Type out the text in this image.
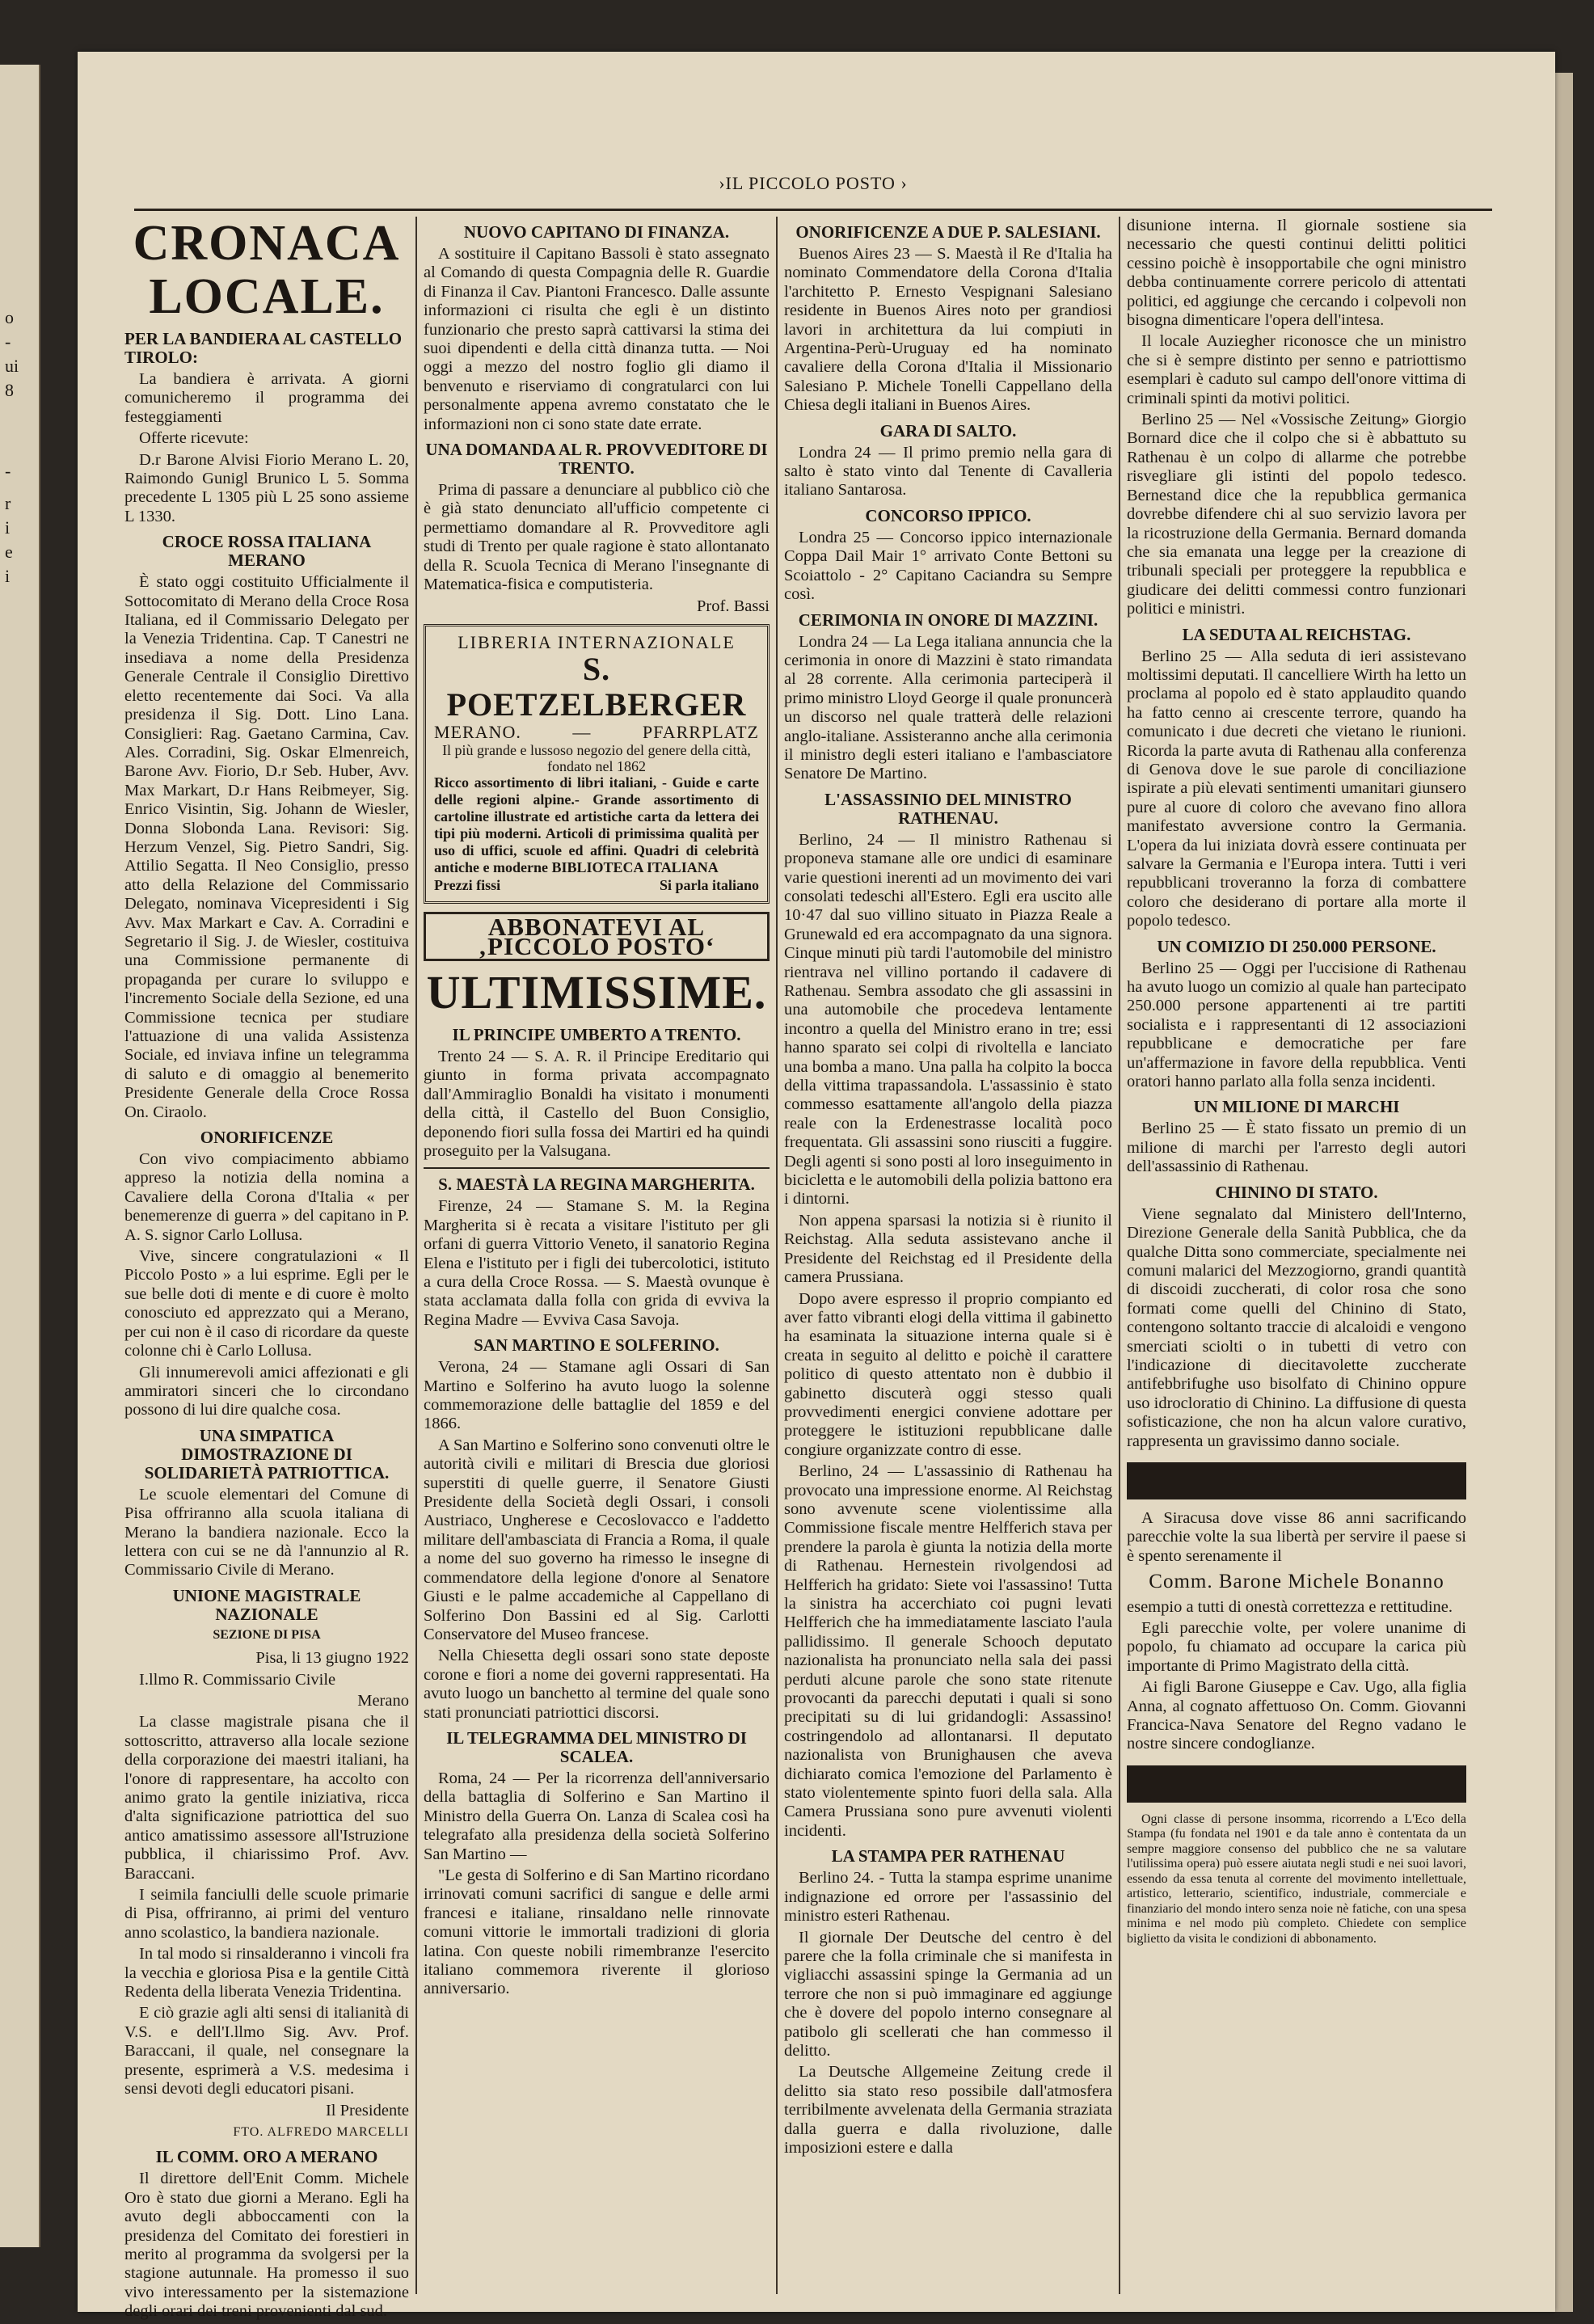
o
-
ui
8
-
r
i
e
i
›IL PICCOLO POSTO ›
CRONACA LOCALE.
PER LA BANDIERA AL CASTELLO TIROLO:

La bandiera è arrivata. A giorni comunicheremo il programma dei festeggiamenti

Offerte ricevute:

D.r Barone Alvisi Fiorio Merano L. 20, Raimondo Gunigl Brunico L 5. Somma precedente L 1305 più L 25 sono assieme L 1330.

CROCE ROSSA ITALIANA MERANO

È stato oggi costituito Ufficialmente il Sottocomitato di Merano della Croce Rosa Italiana, ed il Commissario Delegato per la Venezia Tridentina. Cap. T Canestri ne insediava a nome della Presidenza Generale Centrale il Consiglio Direttivo eletto recentemente dai Soci. Va alla presidenza il Sig. Dott. Lino Lana. Consiglieri: Rag. Gaetano Carmina, Cav. Ales. Corradini, Sig. Oskar Elmenreich, Barone Avv. Fiorio, D.r Seb. Huber, Avv. Max Markart, D.r Hans Reibmeyer, Sig. Enrico Visintin, Sig. Johann de Wiesler, Donna Slobonda Lana. Revisori: Sig. Herzum Venzel, Sig. Pietro Sandri, Sig. Attilio Segatta. Il Neo Consiglio, presso atto della Relazione del Commissario Delegato, nominava Vicepresidenti i Sig Avv. Max Markart e Cav. A. Corradini e Segretario il Sig. J. de Wiesler, costituiva una Commissione permanente di propaganda per curare lo sviluppo e l'incremento Sociale della Sezione, ed una Commissione tecnica per studiare l'attuazione di una valida Assistenza Sociale, ed inviava infine un telegramma di saluto e di omaggio al benemerito Presidente Generale della Croce Rossa On. Ciraolo.

ONORIFICENZE

Con vivo compiacimento abbiamo appreso la notizia della nomina a Cavaliere della Corona d'Italia « per benemerenze di guerra » del capitano in P. A. S. signor Carlo Lollusa.

Vive, sincere congratulazioni « Il Piccolo Posto » a lui esprime. Egli per le sue belle doti di mente e di cuore è molto conosciuto ed apprezzato qui a Merano, per cui non è il caso di ricordare da queste colonne chi è Carlo Lollusa.

Gli innumerevoli amici affezionati e gli ammiratori sinceri che lo circondano possono di lui dire qualche cosa.

UNA SIMPATICA DIMOSTRAZIONE DI SOLIDARIETÀ PATRIOTTICA.

Le scuole elementari del Comune di Pisa offriranno alla scuola italiana di Merano la bandiera nazionale. Ecco la lettera con cui se ne dà l'annunzio al R. Commissario Civile di Merano.

UNIONE MAGISTRALE NAZIONALE
SEZIONE DI PISA

Pisa, li 13 giugno 1922

I.llmo R. Commissario Civile

Merano

La classe magistrale pisana che il sottoscritto, attraverso alla locale sezione della corporazione dei maestri italiani, ha l'onore di rappresentare, ha accolto con animo grato la gentile iniziativa, ricca d'alta significazione patriottica del suo antico amatissimo assessore all'Istruzione pubblica, il chiarissimo Prof. Avv. Baraccani.

I seimila fanciulli delle scuole primarie di Pisa, offriranno, ai primi del venturo anno scolastico, la bandiera nazionale.

In tal modo si rinsalderanno i vincoli fra la vecchia e gloriosa Pisa e la gentile Città Redenta della liberata Venezia Tridentina.

E ciò grazie agli alti sensi di italianità di V.S. e dell'I.llmo Sig. Avv. Prof. Baraccani, il quale, nel consegnare la presente, esprimerà a V.S. medesima i sensi devoti degli educatori pisani.

Il Presidente

FTO. ALFREDO MARCELLI
IL COMM. ORO A MERANO

Il direttore dell'Enit Comm. Michele Oro è stato due giorni a Merano. Egli ha avuto degli abboccamenti con la presidenza del Comitato dei forestieri in merito al programma da svolgersi per la stagione autunnale. Ha promesso il suo vivo interessamento per la sistemazione degli orari dei treni provenienti dal sud.

NUOVO CAPITANO DI FINANZA.

A sostituire il Capitano Bassoli è stato assegnato al Comando di questa Compagnia delle R. Guardie di Finanza il Cav. Piantoni Francesco. Dalle assunte informazioni ci risulta che egli è un distinto funzionario che presto saprà cattivarsi la stima dei suoi dipendenti e della città dinanza tutta. — Noi oggi a mezzo del nostro foglio gli diamo il benvenuto e riserviamo di congratularci con lui personalmente appena avremo constatato che le informazioni non ci sono state date errate.

UNA DOMANDA AL R. PROVVEDITORE DI TRENTO.

Prima di passare a denunciare al pubblico ciò che è già stato denunciato all'ufficio competente ci permettiamo domandare al R. Provveditore agli studi di Trento per quale ragione è stato allontanato della R. Scuola Tecnica di Merano l'insegnante di Matematica-fisica e computisteria.

Prof. Bassi

LIBRERIA INTERNAZIONALE
S. POETZELBERGER
MERANO.	—	PFARRPLATZ
Il più grande e lussoso negozio del genere della città, fondato nel 1862
Ricco assortimento di libri italiani, - Guide e carte delle regioni alpine.- Grande assortimento di cartoline illustrate ed artistiche carta da lettera dei tipi più moderni. Articoli di primissima qualità per uso di uffici, scuole ed affini. Quadri di celebrità antiche e moderne BIBLIOTECA ITALIANA
Prezzi fissi	Si parla italiano
ABBONATEVI AL ‚PICCOLO POSTO‘
ULTIMISSIME.
IL PRINCIPE UMBERTO A TRENTO.

Trento 24 — S. A. R. il Principe Ereditario qui giunto in forma privata accompagnato dall'Ammiraglio Bonaldi ha visitato i monumenti della città, il Castello del Buon Consiglio, deponendo fiori sulla fossa dei Martiri ed ha quindi proseguito per la Valsugana.

S. MAESTÀ LA REGINA MARGHERITA.

Firenze, 24 — Stamane S. M. la Regina Margherita si è recata a visitare l'istituto per gli orfani di guerra Vittorio Veneto, il sanatorio Regina Elena e l'istituto per i figli dei tubercolotici, istituto a cura della Croce Rossa. — S. Maestà ovunque è stata acclamata dalla folla con grida di evviva la Regina Madre — Evviva Casa Savoja.

SAN MARTINO E SOLFERINO.

Verona, 24 — Stamane agli Ossari di San Martino e Solferino ha avuto luogo la solenne commemorazione delle battaglie del 1859 e del 1866.

A San Martino e Solferino sono convenuti oltre le autorità civili e militari di Brescia due gloriosi superstiti di quelle guerre, il Senatore Giusti Presidente della Società degli Ossari, i consoli Austriaco, Ungherese e Cecoslovacco e l'addetto militare dell'ambasciata di Francia a Roma, il quale a nome del suo governo ha rimesso le insegne di commendatore della legione d'onore al Senatore Giusti e le palme accademiche al Cappellano di Solferino Don Bassini ed al Sig. Carlotti Conservatore del Museo francese.

Nella Chiesetta degli ossari sono state deposte corone e fiori a nome dei governi rappresentati. Ha avuto luogo un banchetto al termine del quale sono stati pronunciati patriottici discorsi.

IL TELEGRAMMA DEL MINISTRO DI SCALEA.

Roma, 24 — Per la ricorrenza dell'anniversario della battaglia di Solferino e San Martino il Ministro della Guerra On. Lanza di Scalea così ha telegrafato alla presidenza della società Solferino San Martino —

"Le gesta di Solferino e di San Martino ricordano irrinovati comuni sacrifici di sangue e delle armi francesi e italiane, rinsaldano nelle rinnovate comuni vittorie le immortali tradizioni di gloria latina. Con queste nobili rimembranze l'esercito italiano commemora riverente il glorioso anniversario.

ONORIFICENZE A DUE P. SALESIANI.

Buenos Aires 23 — S. Maestà il Re d'Italia ha nominato Commendatore della Corona d'Italia l'architetto P. Ernesto Vespignani Salesiano residente in Buenos Aires noto per grandiosi lavori in architettura da lui compiuti in Argentina-Perù-Uruguay ed ha nominato cavaliere della Corona d'Italia il Missionario Salesiano P. Michele Tonelli Cappellano della Chiesa degli italiani in Buenos Aires.

GARA DI SALTO.

Londra 24 — Il primo premio nella gara di salto è stato vinto dal Tenente di Cavalleria italiano Santarosa.

CONCORSO IPPICO.

Londra 25 — Concorso ippico internazionale Coppa Dail Mair 1° arrivato Conte Bettoni su Scoiattolo - 2° Capitano Caciandra su Sempre così.

CERIMONIA IN ONORE DI MAZZINI.

Londra 24 — La Lega italiana annuncia che la cerimonia in onore di Mazzini è stato rimandata al 28 corrente. Alla cerimonia parteciperà il primo ministro Lloyd George il quale pronuncerà un discorso nel quale tratterà delle relazioni anglo-italiane. Assisteranno anche alla cerimonia il ministro degli esteri italiano e l'ambasciatore Senatore De Martino.

L'ASSASSINIO DEL MINISTRO RATHENAU.

Berlino, 24 — Il ministro Rathenau si proponeva stamane alle ore undici di esaminare varie questioni inerenti ad un movimento dei vari consolati tedeschi all'Estero. Egli era uscito alle 10·47 dal suo villino situato in Piazza Reale a Grunewald ed era accompagnato da una signora. Cinque minuti più tardi l'automobile del ministro rientrava nel villino portando il cadavere di Rathenau. Sembra assodato che gli assassini in una automobile che procedeva lentamente incontro a quella del Ministro erano in tre; essi hanno sparato sei colpi di rivoltella e lanciato una bomba a mano. Una palla ha colpito la bocca della vittima trapassandola. L'assassinio è stato commesso esattamente all'angolo della piazza reale con la Erdenestrasse località poco frequentata. Gli assassini sono riusciti a fuggire. Degli agenti si sono posti al loro inseguimento in bicicletta e le automobili della polizia battono era i dintorni.

Non appena sparsasi la notizia si è riunito il Reichstag. Alla seduta assistevano anche il Presidente del Reichstag ed il Presidente della camera Prussiana.

Dopo avere espresso il proprio compianto ed aver fatto vibranti elogi della vittima il gabinetto ha esaminata la situazione interna quale si è creata in seguito al delitto e poichè il carattere politico di questo attentato non è dubbio il gabinetto discuterà oggi stesso quali provvedimenti energici conviene adottare per proteggere le istituzioni repubblicane dalle congiure organizzate contro di esse.

Berlino, 24 — L'assassinio di Rathenau ha provocato una impressione enorme. Al Reichstag sono avvenute scene violentissime alla Commissione fiscale mentre Helfferich stava per prendere la parola è giunta la notizia della morte di Rathenau. Hernestein rivolgendosi ad Helfferich ha gridato: Siete voi l'assassino! Tutta la sinistra ha accerchiato coi pugni levati Helfferich che ha immediatamente lasciato l'aula pallidissimo. Il generale Schooch deputato nazionalista ha pronunciato nella sala dei passi perduti alcune parole che sono state ritenute provocanti da parecchi deputati i quali si sono precipitati su di lui gridandogli: Assassino! costringendolo ad allontanarsi. Il deputato nazionalista von Brunighausen che aveva dichiarato comica l'emozione del Parlamento è stato violentemente spinto fuori della sala. Alla Camera Prussiana sono pure avvenuti violenti incidenti.

LA STAMPA PER RATHENAU

Berlino 24. - Tutta la stampa esprime unanime indignazione ed orrore per l'assassinio del ministro esteri Rathenau.

Il giornale Der Deutsche del centro è del parere che la folla criminale che si manifesta in vigliacchi assassini spinge la Germania ad un terrore che non si può immaginare ed aggiunge che è dovere del popolo interno consegnare al patibolo gli scellerati che han commesso il delitto.

La Deutsche Allgemeine Zeitung crede il delitto sia stato reso possibile dall'atmosfera terribilmente avvelenata della Germania straziata dalla guerra e dalla rivoluzione, dalle imposizioni estere e dalla

disunione interna. Il giornale sostiene sia necessario che questi continui delitti politici cessino poichè è insopportabile che ogni ministro debba continuamente correre pericolo di attentati politici, ed aggiunge che cercando i colpevoli non bisogna dimenticare l'opera dell'intesa.

Il locale Auziegher riconosce che un ministro che si è sempre distinto per senno e patriottismo esemplari è caduto sul campo dell'onore vittima di criminali spinti da motivi politici.

Berlino 25 — Nel «Vossische Zeitung» Giorgio Bornard dice che il colpo che si è abbattuto su Rathenau è un colpo di allarme che potrebbe risvegliare gli istinti del popolo tedesco. Bernestand dice che la repubblica germanica dovrebbe difendere chi al suo servizio lavora per la ricostruzione della Germania. Bernard domanda che sia emanata una legge per la creazione di tribunali speciali per proteggere la repubblica e giudicare dei delitti commessi contro funzionari politici e ministri.

LA SEDUTA AL REICHSTAG.

Berlino 25 — Alla seduta di ieri assistevano moltissimi deputati. Il cancelliere Wirth ha letto un proclama al popolo ed è stato applaudito quando ha fatto cenno ai crescente terrore, quando ha comunicato i due decreti che vietano le riunioni. Ricorda la parte avuta di Rathenau alla conferenza di Genova dove le sue parole di conciliazione ispirate a più elevati sentimenti umanitari giunsero pure al cuore di coloro che avevano fino allora manifestato avversione contro la Germania. L'opera da lui iniziata dovrà essere continuata per salvare la Germania e l'Europa intera. Tutti i veri repubblicani troveranno la forza di combattere coloro che desiderano di portare alla morte il popolo tedesco.

UN COMIZIO DI 250.000 PERSONE.

Berlino 25 — Oggi per l'uccisione di Rathenau ha avuto luogo un comizio al quale han partecipato 250.000 persone appartenenti ai tre partiti socialista e i rappresentanti di 12 associazioni repubblicane e democratiche per fare un'affermazione in favore della repubblica. Venti oratori hanno parlato alla folla senza incidenti.

UN MILIONE DI MARCHI

Berlino 25 — È stato fissato un premio di un milione di marchi per l'arresto degli autori dell'assassinio di Rathenau.

CHININO DI STATO.

Viene segnalato dal Ministero dell'Interno, Direzione Generale della Sanità Pubblica, che da qualche Ditta sono commerciate, specialmente nei comuni malarici del Mezzogiorno, grandi quantità di discoidi zuccherati, di color rosa che sono formati come quelli del Chinino di Stato, contengono soltanto traccie di alcaloidi e vengono smerciati sciolti o in tubetti di vetro con l'indicazione di diecitavolette zuccherate antifebbrifughe uso bisolfato di Chinino oppure uso idrocloratio di Chinino. La diffusione di questa sofisticazione, che non ha alcun valore curativo, rappresenta un gravissimo danno sociale.

A Siracusa dove visse 86 anni sacrificando parecchie volte la sua libertà per servire il paese si è spento serenamente il

Comm. Barone Michele Bonanno

esempio a tutti di onestà correttezza e rettitudine.

Egli parecchie volte, per volere unanime di popolo, fu chiamato ad occupare la carica più importante di Primo Magistrato della città.

Ai figli Barone Giuseppe e Cav. Ugo, alla figlia Anna, al cognato affettuoso On. Comm. Giovanni Francica-Nava Senatore del Regno vadano le nostre sincere condoglianze.

Ogni classe di persone insomma, ricorrendo a L'Eco della Stampa (fu fondata nel 1901 e da tale anno è contentata da un sempre maggiore consenso del pubblico che ne sa valutare l'utilissima opera) può essere aiutata negli studi e nei suoi lavori, essendo da essa tenuta al corrente del movimento intellettuale, artistico, letterario, scientifico, industriale, commerciale e finanziario del mondo intero senza noie nè fatiche, con una spesa minima e nel modo più completo. Chiedete con semplice biglietto da visita le condizioni di abbonamento.
